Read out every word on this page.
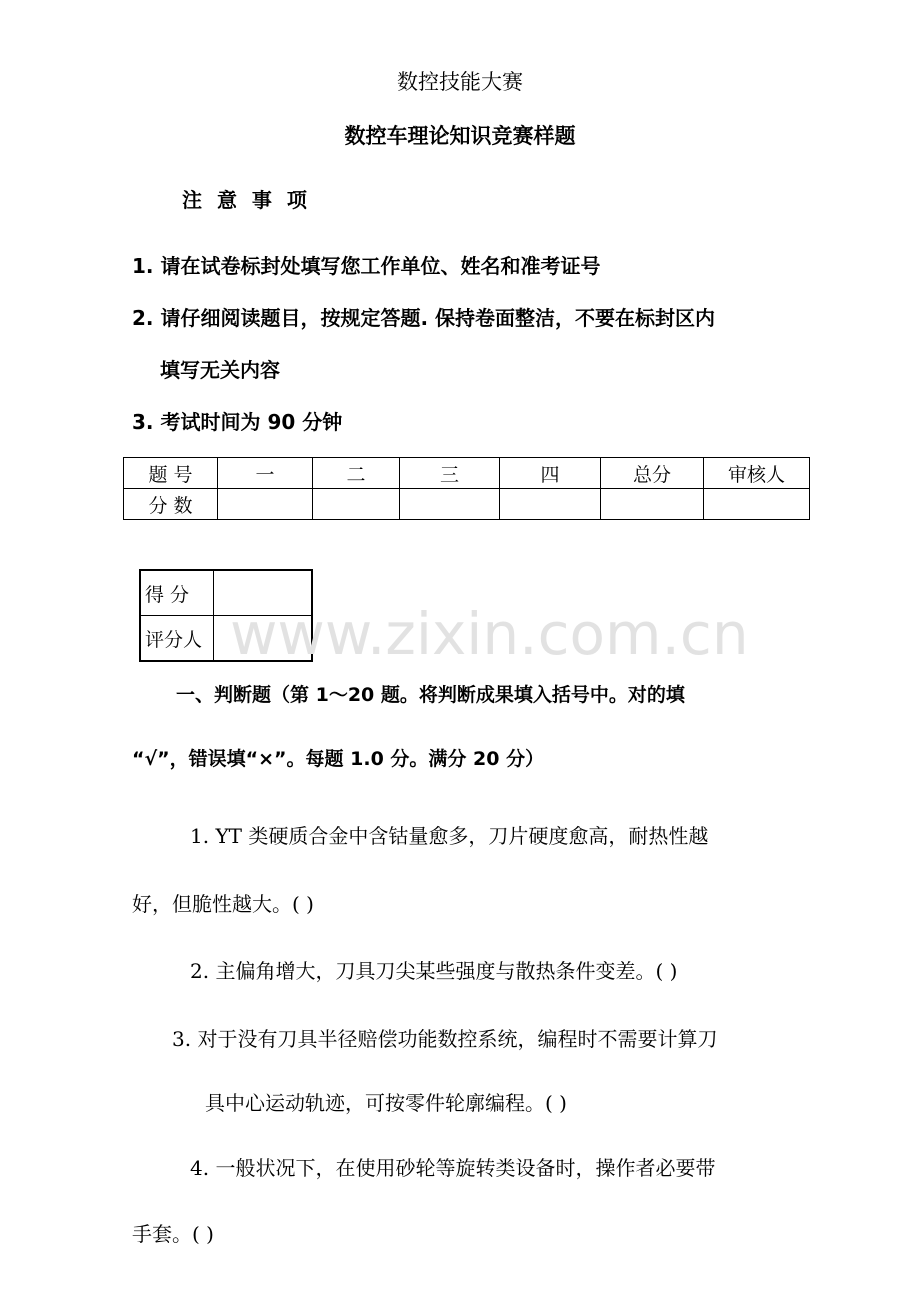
数控技能大赛
数控车理论知识竞赛样题
注 意 事 项
1. 请在试卷标封处填写您工作单位、姓名和准考证号
2. 请仔细阅读题目，按规定答题. 保持卷面整洁，不要在标封区内
填写无关内容
3. 考试时间为 90 分钟
题 号	一	二	三	四	总分	审核人
分 数						
得 分	
评分人	www.zixin.com.cn
一、判断题（第 1～20 题。将判断成果填入括号中。对的填
“√”，错误填“×”。每题 1.0 分。满分 20 分）
1. YT 类硬质合金中含钴量愈多，刀片硬度愈高，耐热性越
好，但脆性越大。( )
2. 主偏角增大，刀具刀尖某些强度与散热条件变差。( )
3. 对于没有刀具半径赔偿功能数控系统，编程时不需要计算刀
具中心运动轨迹，可按零件轮廓编程。( )
4. 一般状况下，在使用砂轮等旋转类设备时，操作者必要带
手套。( )
